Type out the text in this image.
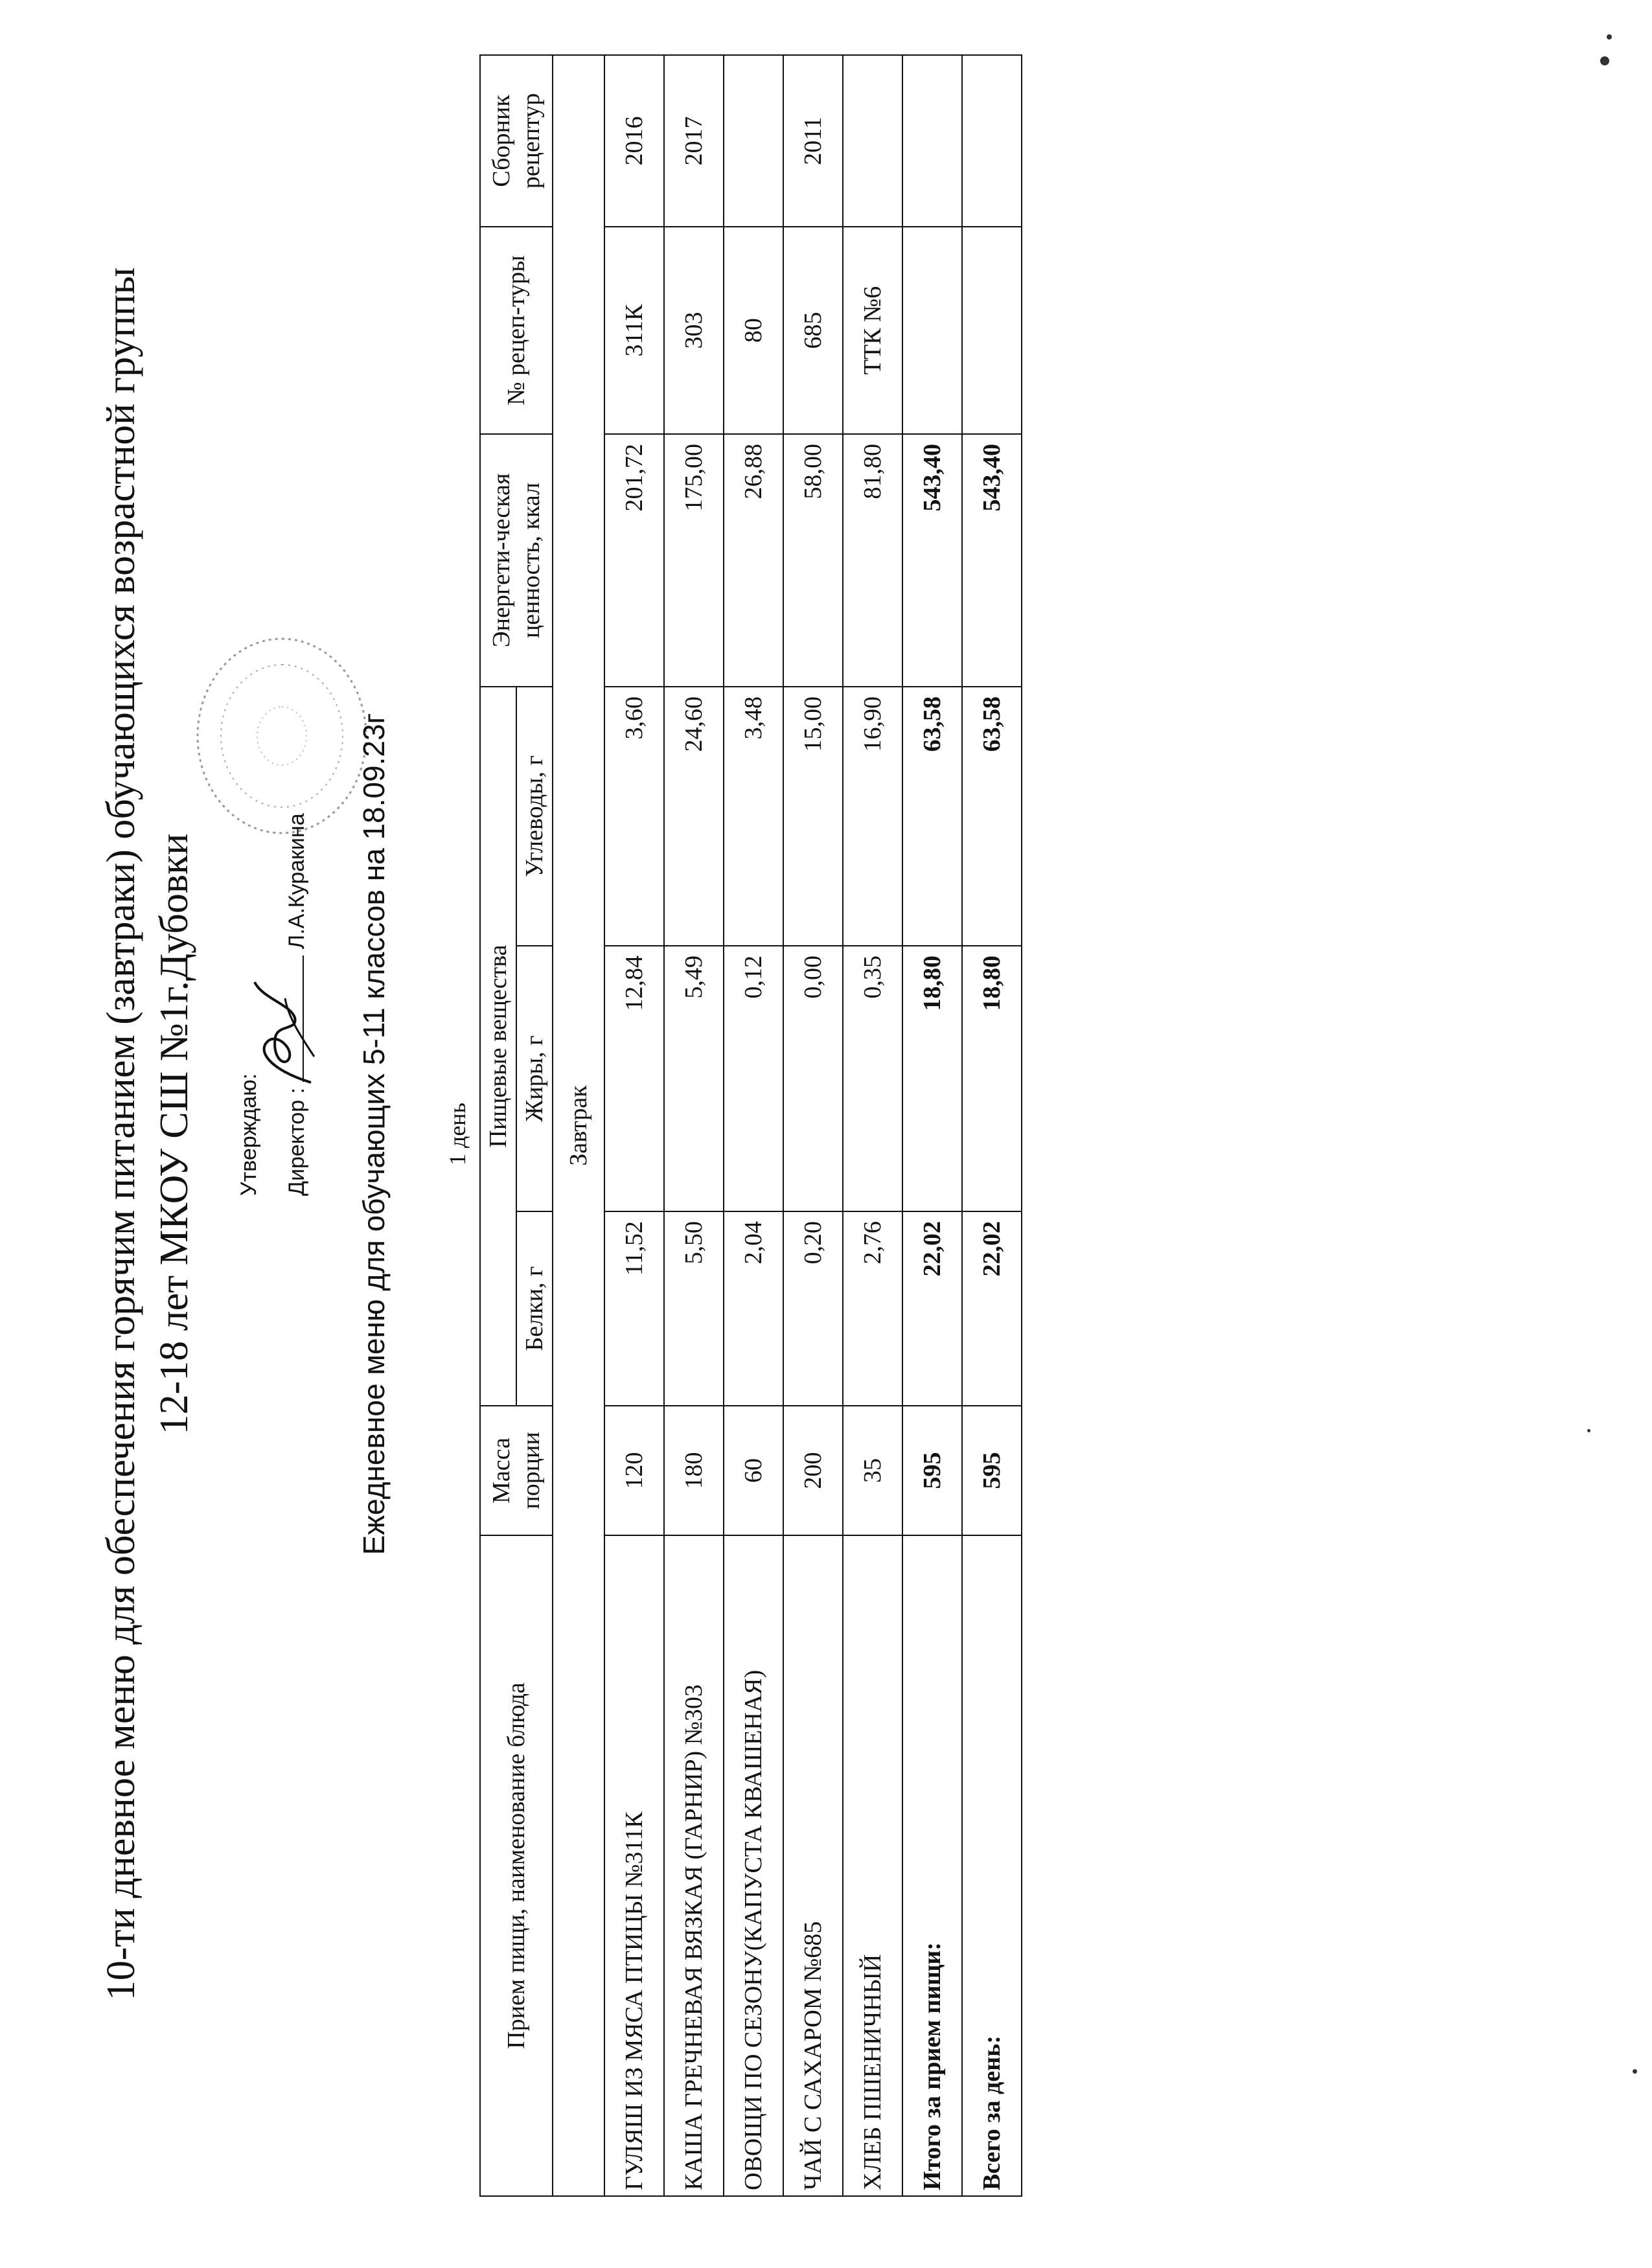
10-ти дневное меню для обеспечения горячим питанием (завтраки) обучающихся возрастной группы 12-18 лет МКОУ СШ №1г.Дубовки Утверждаю: Директор :  Л.А.Куракина Ежедневное меню для обучающих 5-11 классов на 18.09.23г 1 день
Прием пищи, наименование блюда	Масса порции	Пищевые вещества			Энергети-ческая ценность, ккал	№ рецеп-туры	Сборник рецептур
		Белки, г	Жиры, г	Углеводы, г			
Завтрак							
ГУЛЯШ ИЗ МЯСА ПТИЦЫ №311К	120	11,52	12,84	3,60	201,72	311К	2016
КАША ГРЕЧНЕВАЯ ВЯЗКАЯ (ГАРНИР) №303	180	5,50	5,49	24,60	175,00	303	2017
ОВОЩИ ПО СЕЗОНУ(КАПУСТА КВАШЕНАЯ)	60	2,04	0,12	3,48	26,88	80	
ЧАЙ С САХАРОМ №685	200	0,20	0,00	15,00	58,00	685	2011
ХЛЕБ ПШЕНИЧНЫЙ	35	2,76	0,35	16,90	81,80	ТТК №6	
Итого за прием пищи:	595	22,02	18,80	63,58	543,40		
Всего за день:	595	22,02	18,80	63,58	543,40		
